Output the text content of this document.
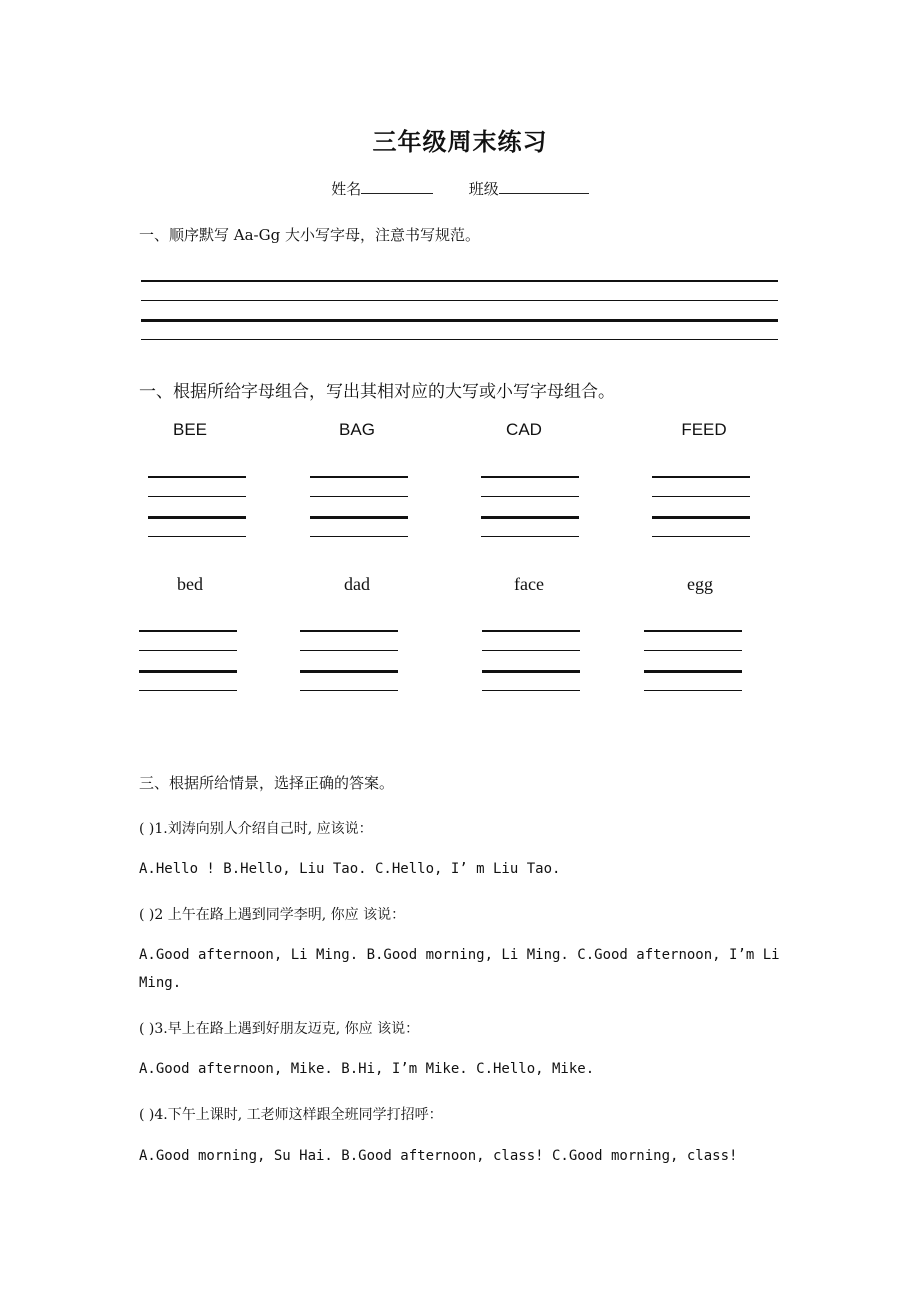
三年级周末练习
姓名	班级
一、顺序默写 Aa-Gg 大小写字母，注意书写规范。
一、根据所给字母组合，写出其相对应的大写或小写字母组合。
BEE	BAG	CAD	FEED
bed	dad	face	egg
三、根据所给情景，选择正确的答案。
( )1.刘涛向别人介绍自己时, 应该说：
A.Hello ! B.Hello, Liu Tao. C.Hello, I’ m Liu Tao.
( )2 上午在路上遇到同学李明, 你应 该说：
A.Good afternoon, Li Ming. B.Good morning, Li Ming. C.Good afternoon, I’m Li
Ming.
( )3.早上在路上遇到好朋友迈克, 你应 该说：
A.Good afternoon, Mike. B.Hi, I’m Mike. C.Hello, Mike.
( )4.下午上课时, 工老师这样跟全班同学打招呼：
A.Good morning, Su Hai. B.Good afternoon, class! C.Good morning, class!
